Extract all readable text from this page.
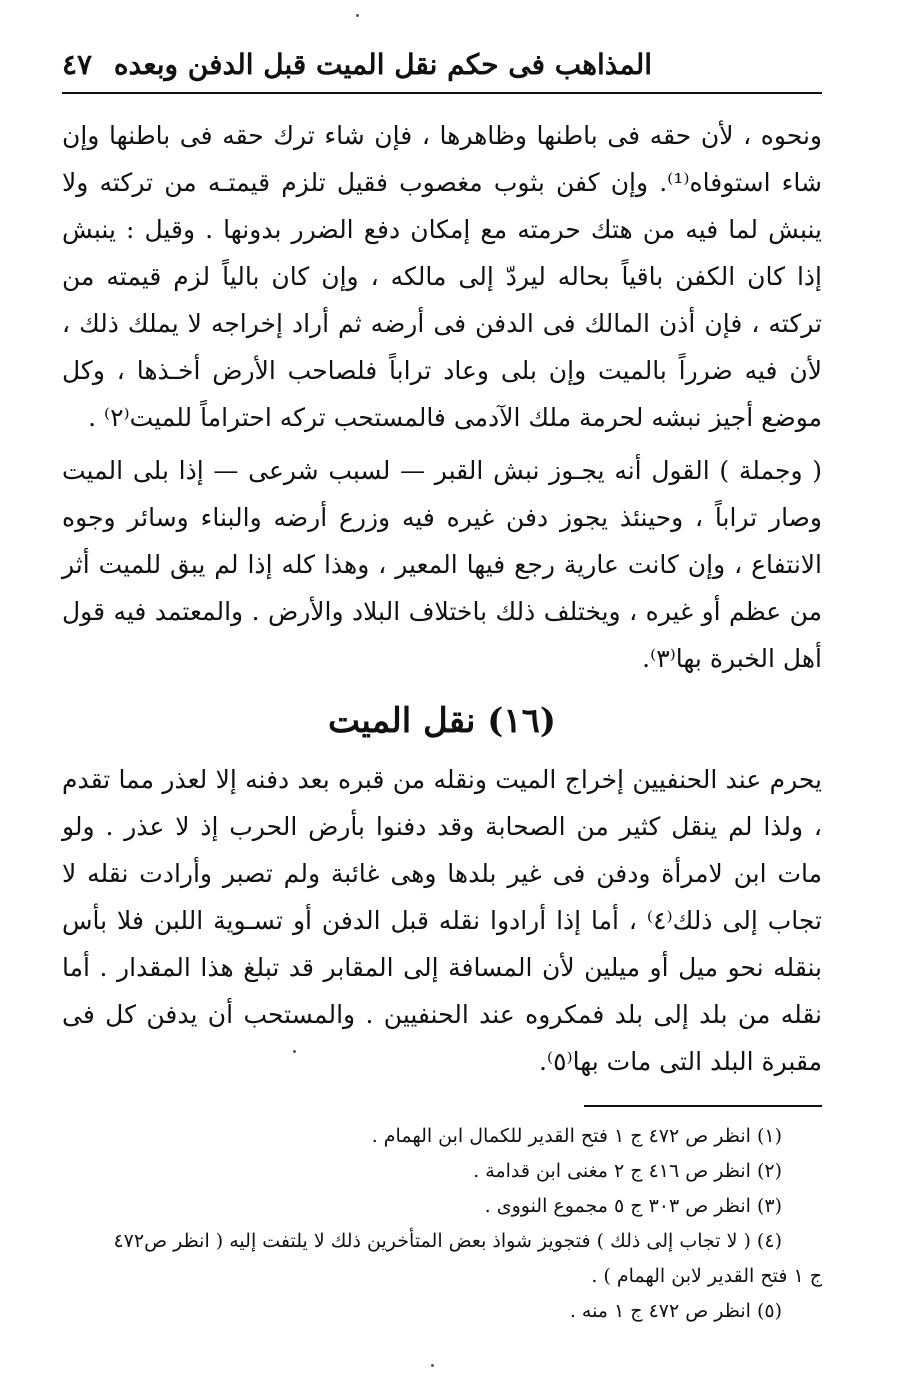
المذاهب فى حكم نقل الميت قبل الدفن وبعده
٤٧

ونحوه ، لأن حقه فى باطنها وظاهرها ، فإن شاء ترك حقه فى باطنها وإن شاء استوفاه⁽¹⁾. وإن كفن بثوب مغصوب فقيل تلزم قيمتـه من تركته ولا ينبش لما فيه من هتك حرمته مع إمكان دفع الضرر بدونها . وقيل : ينبش إذا كان الكفن باقياً بحاله ليردّ إلى مالكه ، وإن كان بالياً لزم قيمته من تركته ، فإن أذن المالك فى الدفن فى أرضه ثم أراد إخراجه لا يملك ذلك ، لأن فيه ضرراً بالميت وإن بلى وعاد تراباً فلصاحب الأرض أخـذها ، وكل موضع أجيز نبشه لحرمة ملك الآدمى فالمستحب تركه احتراماً للميت⁽٢⁾ .

( وجملة ) القول أنه يجـوز نبش القبر — لسبب شرعى — إذا بلى الميت وصار تراباً ، وحينئذ يجوز دفن غيره فيه وزرع أرضه والبناء وسائر وجوه الانتفاع ، وإن كانت عارية رجع فيها المعير ، وهذا كله إذا لم يبق للميت أثر من عظم أو غيره ، ويختلف ذلك باختلاف البلاد والأرض . والمعتمد فيه قول أهل الخبرة بها⁽٣⁾.

(١٦) نقل الميت

يحرم عند الحنفيين إخراج الميت ونقله من قبره بعد دفنه إلا لعذر مما تقدم ، ولذا لم ينقل كثير من الصحابة وقد دفنوا بأرض الحرب إذ لا عذر . ولو مات ابن لامرأة ودفن فى غير بلدها وهى غائبة ولم تصبر وأرادت نقله لا تجاب إلى ذلك⁽٤⁾ ، أما إذا أرادوا نقله قبل الدفن أو تسـوية اللبن فلا بأس بنقله نحو ميل أو ميلين لأن المسافة إلى المقابر قد تبلغ هذا المقدار . أما نقله من بلد إلى بلد فمكروه عند الحنفيين . والمستحب أن يدفن كل فى مقبرة البلد التى مات بها⁽٥⁾.

(١) انظر ص ٤٧٢ ج ١ فتح القدير للكمال ابن الهمام .

(٢) انظر ص ٤١٦ ج ٢ مغنى ابن قدامة .

(٣) انظر ص ٣٠٣ ج ٥ مجموع النووى .

(٤) ( لا تجاب إلى ذلك ) فتجويز شواذ بعض المتأخرين ذلك لا يلتفت إليه ( انظر ص٤٧٢

ج ١ فتح القدير لابن الهمام ) .

(٥) انظر ص ٤٧٢ ج ١ منه .
